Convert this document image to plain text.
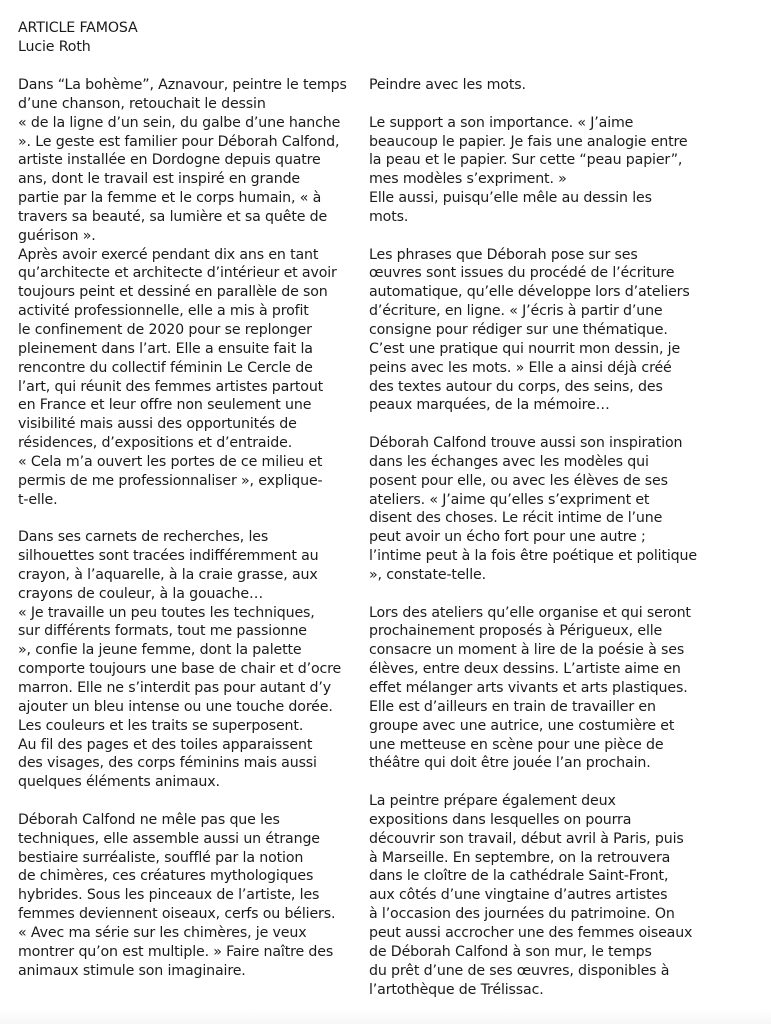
ARTICLE FAMOSA
Lucie Roth

Dans “La bohème”, Aznavour, peintre le temps
d’une chanson, retouchait le dessin
« de la ligne d’un sein, du galbe d’une hanche
». Le geste est familier pour Déborah Calfond,
artiste installée en Dordogne depuis quatre
ans, dont le travail est inspiré en grande
partie par la femme et le corps humain, « à
travers sa beauté, sa lumière et sa quête de
guérison ».

Après avoir exercé pendant dix ans en tant
qu’architecte et architecte d’intérieur et avoir
toujours peint et dessiné en parallèle de son
activité professionnelle, elle a mis à profit
le confinement de 2020 pour se replonger
pleinement dans l’art. Elle a ensuite fait la
rencontre du collectif féminin Le Cercle de
l’art, qui réunit des femmes artistes partout
en France et leur offre non seulement une
visibilité mais aussi des opportunités de
résidences, d’expositions et d’entraide.
« Cela m’a ouvert les portes de ce milieu et
permis de me professionnaliser », explique-
t-elle.

Dans ses carnets de recherches, les
silhouettes sont tracées indifféremment au
crayon, à l’aquarelle, à la craie grasse, aux
crayons de couleur, à la gouache…
« Je travaille un peu toutes les techniques,
sur différents formats, tout me passionne
», confie la jeune femme, dont la palette
comporte toujours une base de chair et d’ocre
marron. Elle ne s’interdit pas pour autant d’y
ajouter un bleu intense ou une touche dorée.
Les couleurs et les traits se superposent.
Au fil des pages et des toiles apparaissent
des visages, des corps féminins mais aussi
quelques éléments animaux.

Déborah Calfond ne mêle pas que les
techniques, elle assemble aussi un étrange
bestiaire surréaliste, soufflé par la notion
de chimères, ces créatures mythologiques
hybrides. Sous les pinceaux de l’artiste, les
femmes deviennent oiseaux, cerfs ou béliers.
« Avec ma série sur les chimères, je veux
montrer qu’on est multiple. » Faire naître des
animaux stimule son imaginaire.

Peindre avec les mots.

Le support a son importance. « J’aime
beaucoup le papier. Je fais une analogie entre
la peau et le papier. Sur cette “peau papier”,
mes modèles s’expriment. »
Elle aussi, puisqu’elle mêle au dessin les
mots.

Les phrases que Déborah pose sur ses
œuvres sont issues du procédé de l’écriture
automatique, qu’elle développe lors d’ateliers
d’écriture, en ligne. « J’écris à partir d’une
consigne pour rédiger sur une thématique.
C’est une pratique qui nourrit mon dessin, je
peins avec les mots. » Elle a ainsi déjà créé
des textes autour du corps, des seins, des
peaux marquées, de la mémoire…

Déborah Calfond trouve aussi son inspiration
dans les échanges avec les modèles qui
posent pour elle, ou avec les élèves de ses
ateliers. « J’aime qu’elles s’expriment et
disent des choses. Le récit intime de l’une
peut avoir un écho fort pour une autre ;
l’intime peut à la fois être poétique et politique
», constate-telle.

Lors des ateliers qu’elle organise et qui seront
prochainement proposés à Périgueux, elle
consacre un moment à lire de la poésie à ses
élèves, entre deux dessins. L’artiste aime en
effet mélanger arts vivants et arts plastiques.
Elle est d’ailleurs en train de travailler en
groupe avec une autrice, une costumière et
une metteuse en scène pour une pièce de
théâtre qui doit être jouée l’an prochain.

La peintre prépare également deux
expositions dans lesquelles on pourra
découvrir son travail, début avril à Paris, puis
à Marseille. En septembre, on la retrouvera
dans le cloître de la cathédrale Saint-Front,
aux côtés d’une vingtaine d’autres artistes
à l’occasion des journées du patrimoine. On
peut aussi accrocher une des femmes oiseaux
de Déborah Calfond à son mur, le temps
du prêt d’une de ses œuvres, disponibles à
l’artothèque de Trélissac.
